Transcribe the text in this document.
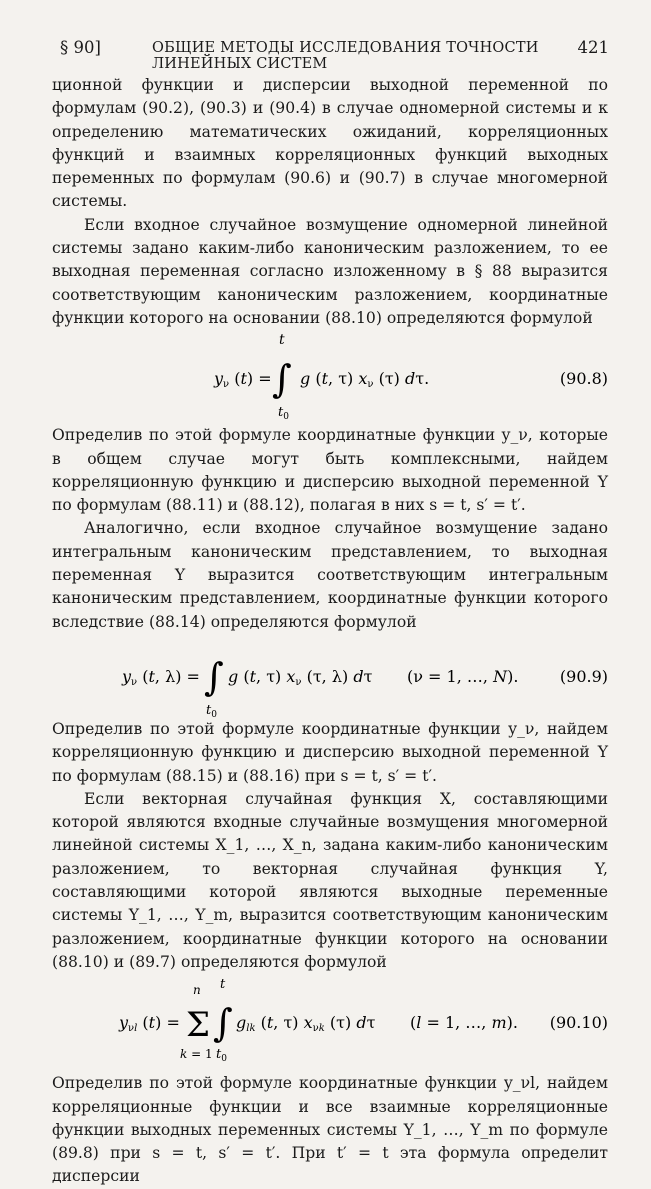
§ 90]	ОБЩИЕ МЕТОДЫ ИССЛЕДОВАНИЯ ТОЧНОСТИ ЛИНЕЙНЫХ СИСТЕМ
421

ционной функции и дисперсии выходной переменной по формулам (90.2), (90.3) и (90.4) в случае одномерной системы и к определению математических ожиданий, корреляционных функций и взаимных корреляционных функций выходных переменных по формулам (90.6) и (90.7) в случае многомерной системы.

Если входное случайное возмущение одномерной линейной системы задано каким-либо каноническим разложением, то ее выходная переменная согласно изложенному в § 88 выразится соответствующим каноническим разложением, координатные функции которого на основании (88.10) определяются формулой

t
∫
$t_0$
yν (t) = g (t, τ) xν (τ) dτ.	(90.8)

Определив по этой формуле координатные функции y_ν, которые в общем случае могут быть комплексными, найдем корреляционную функцию и дисперсию выходной переменной Y по формулам (88.11) и (88.12), полагая в них s = t, s′ = t′.

Аналогично, если входное случайное возмущение задано интегральным каноническим представлением, то выходная переменная Y выразится соответствующим интегральным каноническим представлением, координатные функции которого вследствие (88.14) определяются формулой

yν (t, λ) = ∫
$t_0$
g (t, τ) xν (τ, λ) dτ (ν = 1, …, N).	(90.9)

Определив по этой формуле координатные функции y_ν, найдем корреляционную функцию и дисперсию выходной переменной Y по формулам (88.15) и (88.16) при s = t, s′ = t′.

Если векторная случайная функция X, составляющими которой являются входные случайные возмущения многомерной линейной системы X_1, …, X_n, задана каким-либо каноническим разложением, то векторная случайная функция Y, составляющими которой являются выходные переменные системы Y_1, …, Y_m, выразится соответствующим каноническим разложением, координатные функции которого на основании (88.10) и (89.7) определяются формулой

yνl (t) =
n
Σ
k = 1
t
∫
$t_0$
glk (t, τ) xνk (τ) dτ (l = 1, …, m). (90.10)

Определив по этой формуле координатные функции y_νl, найдем корреляционные функции и все взаимные корреляционные функции выходных переменных системы Y_1, …, Y_m по формуле (89.8) при s = t, s′ = t′. При t′ = t эта формула определит дисперсии
